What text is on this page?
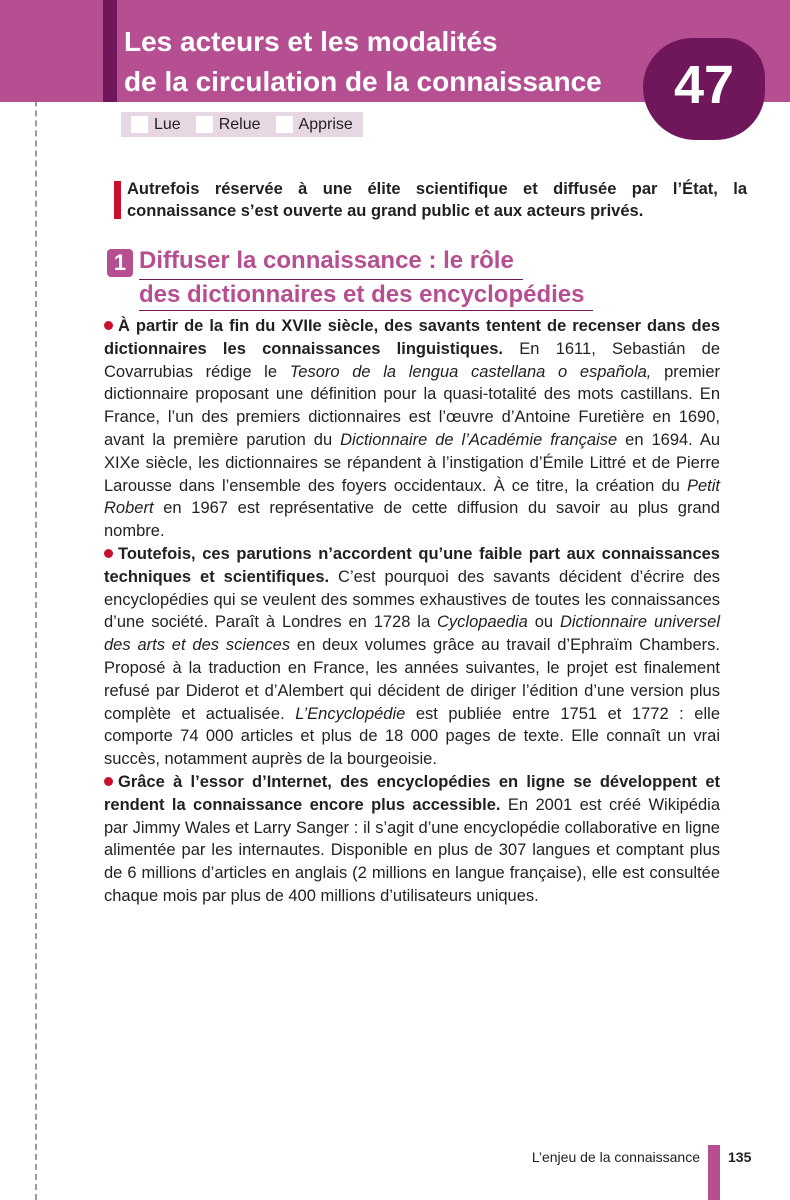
Les acteurs et les modalités
de la circulation de la connaissance	47
Lue Relue Apprise

Autrefois réservée à une élite scientifique et diffusée par l’État, la connaissance s’est ouverte au grand public et aux acteurs privés.

1 Diffuser la connaissance : le rôle
des dictionnaires et des encyclopédies

À partir de la fin du XVIIe siècle, des savants tentent de recenser dans des dictionnaires les connaissances linguistiques. En 1611, Sebastián de Covarrubias rédige le Tesoro de la lengua castellana o española, premier dictionnaire proposant une définition pour la quasi-totalité des mots castillans. En France, l’un des premiers dictionnaires est l’œuvre d’Antoine Furetière en 1690, avant la première parution du Dictionnaire de l’Académie française en 1694. Au XIXe siècle, les dictionnaires se répandent à l’instigation d’Émile Littré et de Pierre Larousse dans l’ensemble des foyers occidentaux. À ce titre, la création du Petit Robert en 1967 est représentative de cette diffusion du savoir au plus grand nombre.

Toutefois, ces parutions n’accordent qu’une faible part aux connaissances techniques et scientifiques. C’est pourquoi des savants décident d’écrire des encyclopédies qui se veulent des sommes exhaustives de toutes les connaissances d’une société. Paraît à Londres en 1728 la Cyclopaedia ou Dictionnaire universel des arts et des sciences en deux volumes grâce au travail d’Ephraïm Chambers. Proposé à la traduction en France, les années suivantes, le projet est finalement refusé par Diderot et d’Alembert qui décident de diriger l’édition d’une version plus complète et actualisée. L’Encyclopédie est publiée entre 1751 et 1772 : elle comporte 74 000 articles et plus de 18 000 pages de texte. Elle connaît un vrai succès, notamment auprès de la bourgeoisie.

Grâce à l’essor d’Internet, des encyclopédies en ligne se développent et rendent la connaissance encore plus accessible. En 2001 est créé Wikipédia par Jimmy Wales et Larry Sanger : il s’agit d’une encyclopédie collaborative en ligne alimentée par les internautes. Disponible en plus de 307 langues et comptant plus de 6 millions d’articles en anglais (2 millions en langue française), elle est consultée chaque mois par plus de 400 millions d’utilisateurs uniques.

L’enjeu de la connaissance 135
